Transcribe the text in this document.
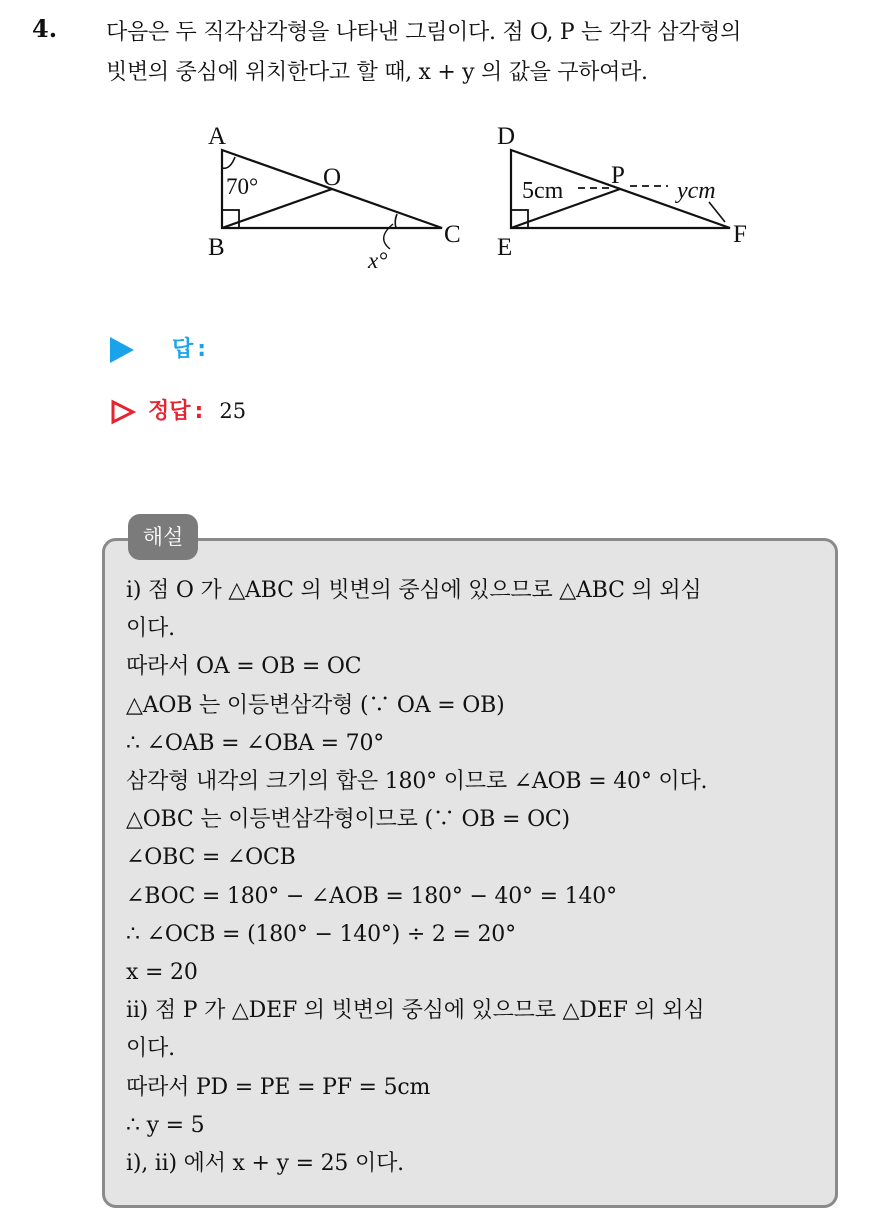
4. 다음은 두 직각삼각형을 나타낸 그림이다. 점 O, P 는 각각 삼각형의
빗변의 중심에 위치한다고 할 때, x + y 의 값을 구하여라.
A
O
B	C
70°
x°
D
P
E	F
5cm	ycm
답 :
정답 : 25
해설
i) 점 O 가 △ABC 의 빗변의 중심에 있으므로 △ABC 의 외심
이다.
따라서 OA = OB = OC
△AOB 는 이등변삼각형 (∵ OA = OB)
∴ ∠OAB = ∠OBA = 70°
삼각형 내각의 크기의 합은 180° 이므로 ∠AOB = 40° 이다.
△OBC 는 이등변삼각형이므로 (∵ OB = OC)
∠OBC = ∠OCB
∠BOC = 180° − ∠AOB = 180° − 40° = 140°
∴ ∠OCB = (180° − 140°) ÷ 2 = 20°
x = 20
ii) 점 P 가 △DEF 의 빗변의 중심에 있으므로 △DEF 의 외심
이다.
따라서 PD = PE = PF = 5cm
∴ y = 5
i), ii) 에서 x + y = 25 이다.
